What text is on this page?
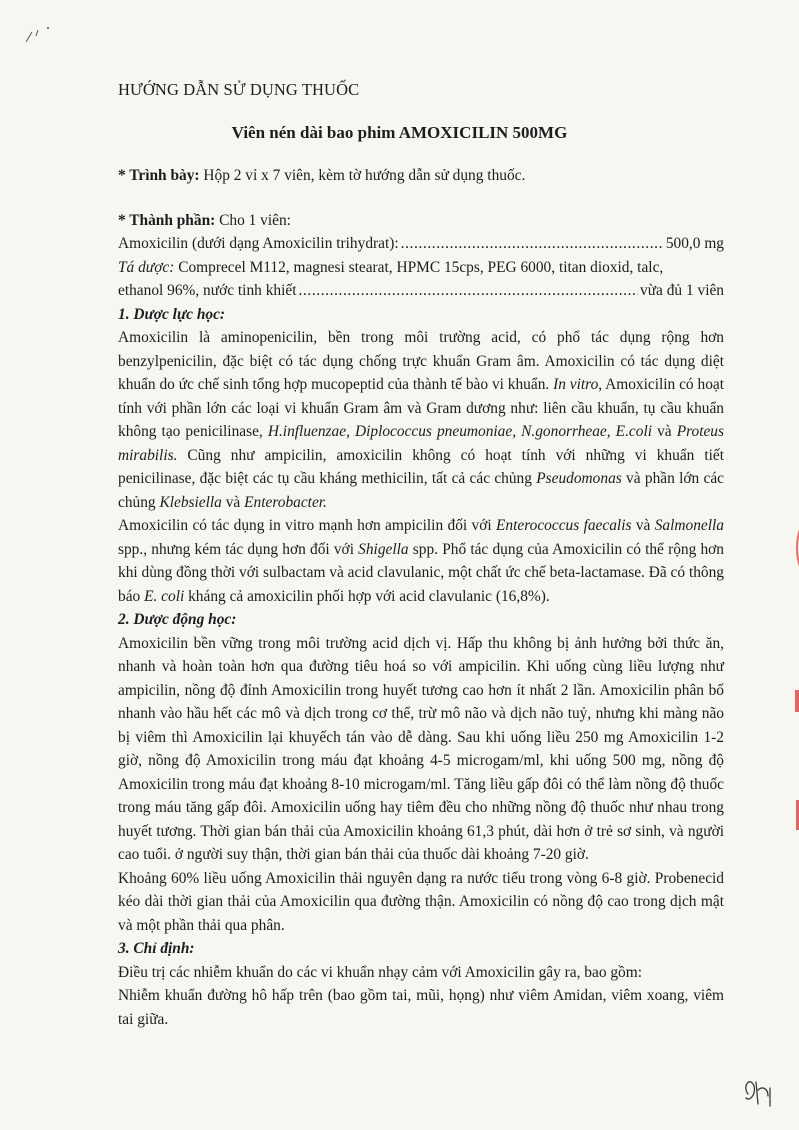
HƯỚNG DẪN SỬ DỤNG THUỐC
Viên nén dài bao phim AMOXICILIN 500MG

* Trình bày: Hộp 2 vỉ x 7 viên, kèm tờ hướng dẫn sử dụng thuốc.

* Thành phần: Cho 1 viên:

Amoxicilin (dưới dạng Amoxicilin trihydrat): .....	500,0 mg

Tá dược: Comprecel M112, magnesi stearat, HPMC 15cps, PEG 6000, titan dioxid, talc,

ethanol 96%, nước tinh khiết .....	vừa đủ 1 viên

1. Dược lực học:

Amoxicilin là aminopenicilin, bền trong môi trường acid, có phổ tác dụng rộng hơn benzylpenicilin, đặc biệt có tác dụng chống trực khuẩn Gram âm. Amoxicilin có tác dụng diệt khuẩn do ức chế sinh tổng hợp mucopeptid của thành tế bào vi khuẩn. In vitro, Amoxicilin có hoạt tính với phần lớn các loại vi khuẩn Gram âm và Gram dương như: liên cầu khuẩn, tụ cầu khuẩn không tạo penicilinase, H.influenzae, Diplococcus pneumoniae, N.gonorrheae, E.coli và Proteus mirabilis. Cũng như ampicilin, amoxicilin không có hoạt tính với những vi khuẩn tiết penicilinase, đặc biệt các tụ cầu kháng methicilin, tất cả các chủng Pseudomonas và phần lớn các chủng Klebsiella và Enterobacter.

Amoxicilin có tác dụng in vitro mạnh hơn ampicilin đối với Enterococcus faecalis và Salmonella spp., nhưng kém tác dụng hơn đối với Shigella spp. Phổ tác dụng của Amoxicilin có thể rộng hơn khi dùng đồng thời với sulbactam và acid clavulanic, một chất ức chế beta-lactamase. Đã có thông báo E. coli kháng cả amoxicilin phối hợp với acid clavulanic (16,8%).

2. Dược động học:

Amoxicilin bền vững trong môi trường acid dịch vị. Hấp thu không bị ảnh hưởng bởi thức ăn, nhanh và hoàn toàn hơn qua đường tiêu hoá so với ampicilin. Khi uống cùng liều lượng như ampicilin, nồng độ đỉnh Amoxicilin trong huyết tương cao hơn ít nhất 2 lần. Amoxicilin phân bố nhanh vào hầu hết các mô và dịch trong cơ thể, trừ mô não và dịch não tuỷ, nhưng khi màng não bị viêm thì Amoxicilin lại khuyếch tán vào dễ dàng. Sau khi uống liều 250 mg Amoxicilin 1-2 giờ, nồng độ Amoxicilin trong máu đạt khoảng 4-5 microgam/ml, khi uống 500 mg, nồng độ Amoxicilin trong máu đạt khoảng 8-10 microgam/ml. Tăng liều gấp đôi có thể làm nồng độ thuốc trong máu tăng gấp đôi. Amoxicilin uống hay tiêm đều cho những nồng độ thuốc như nhau trong huyết tương. Thời gian bán thải của Amoxicilin khoảng 61,3 phút, dài hơn ở trẻ sơ sinh, và người cao tuổi. ở người suy thận, thời gian bán thải của thuốc dài khoảng 7-20 giờ.

Khoảng 60% liều uống Amoxicilin thải nguyên dạng ra nước tiểu trong vòng 6-8 giờ. Probenecid kéo dài thời gian thải của Amoxicilin qua đường thận. Amoxicilin có nồng độ cao trong dịch mật và một phần thải qua phân.

3. Chỉ định:

Điều trị các nhiễm khuẩn do các vi khuẩn nhạy cảm với Amoxicilin gây ra, bao gồm:

Nhiễm khuẩn đường hô hấp trên (bao gồm tai, mũi, họng) như viêm Amidan, viêm xoang, viêm tai giữa.
